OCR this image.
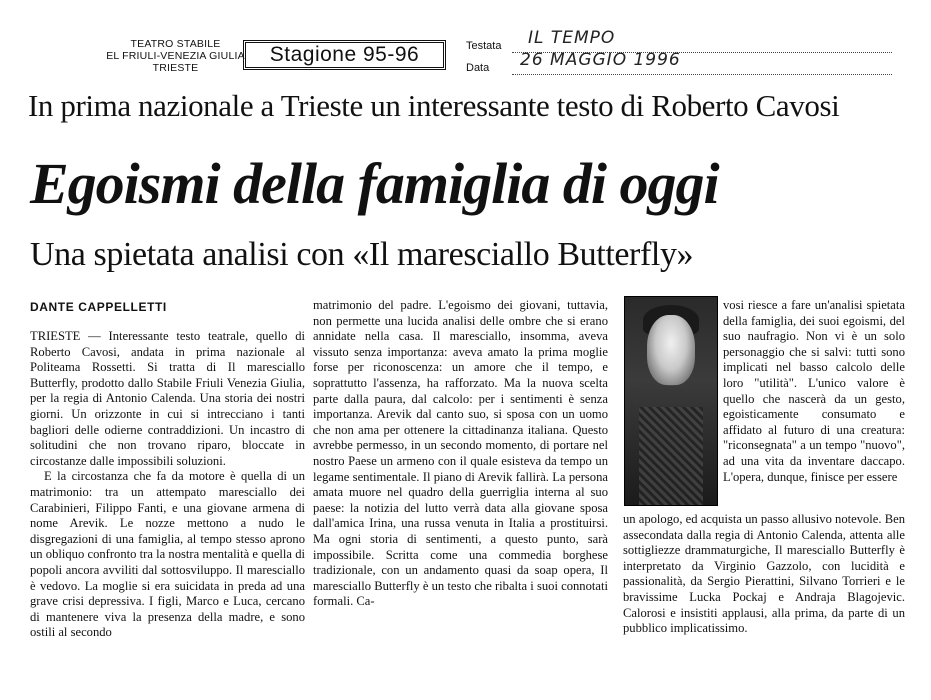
TEATRO STABILE
EL FRIULI-VENEZIA GIULIA
TRIESTE
Stagione 95-96	Testata IL TEMPO
Data 26 MAGGIO 1996
In prima nazionale a Trieste un interessante testo di Roberto Cavosi
Egoismi della famiglia di oggi
Una spietata analisi con «Il maresciallo Butterfly»
DANTE CAPPELLETTI

TRIESTE — Interessante testo teatrale, quello di Roberto Cavosi, andata in prima nazionale al Politeama Rossetti. Si tratta di Il maresciallo Butterfly, prodotto dallo Stabile Friuli Venezia Giulia, per la regia di Antonio Calenda. Una storia dei nostri giorni. Un orizzonte in cui si intrecciano i tanti bagliori delle odierne contraddizioni. Un incastro di solitudini che non trovano riparo, bloccate in circostanze dalle impossibili soluzioni.

E la circostanza che fa da motore è quella di un matrimonio: tra un attempato maresciallo dei Carabinieri, Filippo Fanti, e una giovane armena di nome Arevik. Le nozze mettono a nudo le disgregazioni di una famiglia, al tempo stesso aprono un obliquo confronto tra la nostra mentalità e quella di popoli ancora avviliti dal sottosviluppo. Il maresciallo è vedovo. La moglie si era suicidata in preda ad una grave crisi depressiva. I figli, Marco e Luca, cercano di mantenere viva la presenza della madre, e sono ostili al secondo

matrimonio del padre. L'egoismo dei giovani, tuttavia, non permette una lucida analisi delle ombre che si erano annidate nella casa. Il maresciallo, insomma, aveva vissuto senza importanza: aveva amato la prima moglie forse per riconoscenza: un amore che il tempo, e soprattutto l'assenza, ha rafforzato. Ma la nuova scelta parte dalla paura, dal calcolo: per i sentimenti è senza importanza. Arevik dal canto suo, si sposa con un uomo che non ama per ottenere la cittadinanza italiana. Questo avrebbe permesso, in un secondo momento, di portare nel nostro Paese un armeno con il quale esisteva da tempo un legame sentimentale. Il piano di Arevik fallirà. La persona amata muore nel quadro della guerriglia interna al suo paese: la notizia del lutto verrà data alla giovane sposa dall'amica Irina, una russa venuta in Italia a prostituirsi. Ma ogni storia di sentimenti, a questo punto, sarà impossibile. Scritta come una commedia borghese tradizionale, con un andamento quasi da soap opera, Il maresciallo Butterfly è un testo che ribalta i suoi connotati formali. Ca-

vosi riesce a fare un'analisi spietata della famiglia, dei suoi egoismi, del suo naufragio. Non vi è un solo personaggio che si salvi: tutti sono implicati nel basso calcolo delle loro "utilità". L'unico valore è quello che nascerà da un gesto, egoisticamente consumato e affidato al futuro di una creatura: "riconsegnata" a un tempo "nuovo", ad una vita da inventare daccapo. L'opera, dunque, finisce per essere

un apologo, ed acquista un passo allusivo notevole. Ben assecondata dalla regia di Antonio Calenda, attenta alle sottigliezze drammaturgiche, Il maresciallo Butterfly è interpretato da Virginio Gazzolo, con lucidità e passionalità, da Sergio Pierattini, Silvano Torrieri e le bravissime Lucka Pockaj e Andraja Blagojevic. Calorosi e insistiti applausi, alla prima, da parte di un pubblico implicatissimo.
